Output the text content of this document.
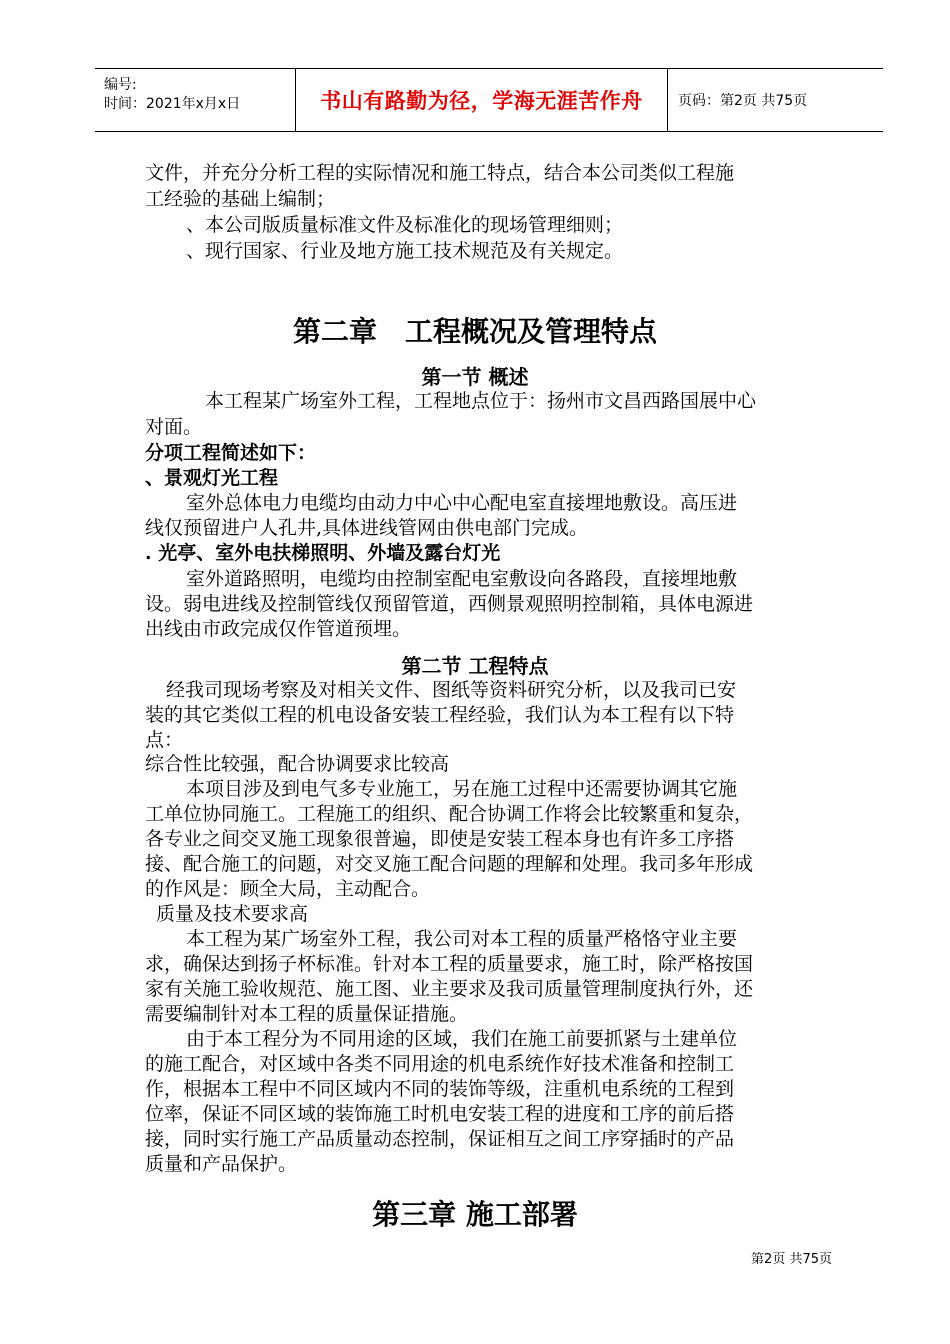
编号:
时间：2021年x月x日	书山有路勤为径，学海无涯苦作舟	页码：第2页 共75页
文件，并充分分析工程的实际情况和施工特点，结合本公司类似工程施
工经验的基础上编制；
、本公司版质量标准文件及标准化的现场管理细则；
、现行国家、行业及地方施工技术规范及有关规定。
第二章　工程概况及管理特点
第一节 概述
　本工程某广场室外工程，工程地点位于：扬州市文昌西路国展中心
对面。
分项工程简述如下：
、景观灯光工程
室外总体电力电缆均由动力中心中心配电室直接埋地敷设。高压进
线仅预留进户人孔井,具体进线管网由供电部门完成。
. 光亭、室外电扶梯照明、外墙及露台灯光
室外道路照明，电缆均由控制室配电室敷设向各路段，直接埋地敷
设。弱电进线及控制管线仅预留管道，西侧景观照明控制箱，具体电源进
出线由市政完成仅作管道预埋。
第二节 工程特点
经我司现场考察及对相关文件、图纸等资料研究分析，以及我司已安
装的其它类似工程的机电设备安装工程经验，我们认为本工程有以下特
点：
综合性比较强，配合协调要求比较高
本项目涉及到电气多专业施工，另在施工过程中还需要协调其它施
工单位协同施工。工程施工的组织、配合协调工作将会比较繁重和复杂，
各专业之间交叉施工现象很普遍，即使是安装工程本身也有许多工序搭
接、配合施工的问题，对交叉施工配合问题的理解和处理。我司多年形成
的作风是：顾全大局，主动配合。
质量及技术要求高
本工程为某广场室外工程，我公司对本工程的质量严格恪守业主要
求，确保达到扬子杯标准。针对本工程的质量要求，施工时，除严格按国
家有关施工验收规范、施工图、业主要求及我司质量管理制度执行外，还
需要编制针对本工程的质量保证措施。
由于本工程分为不同用途的区域，我们在施工前要抓紧与土建单位
的施工配合，对区域中各类不同用途的机电系统作好技术准备和控制工
作，根据本工程中不同区域内不同的装饰等级，注重机电系统的工程到
位率，保证不同区域的装饰施工时机电安装工程的进度和工序的前后搭
接，同时实行施工产品质量动态控制，保证相互之间工序穿插时的产品
质量和产品保护。
第三章 施工部署
第2页 共75页
